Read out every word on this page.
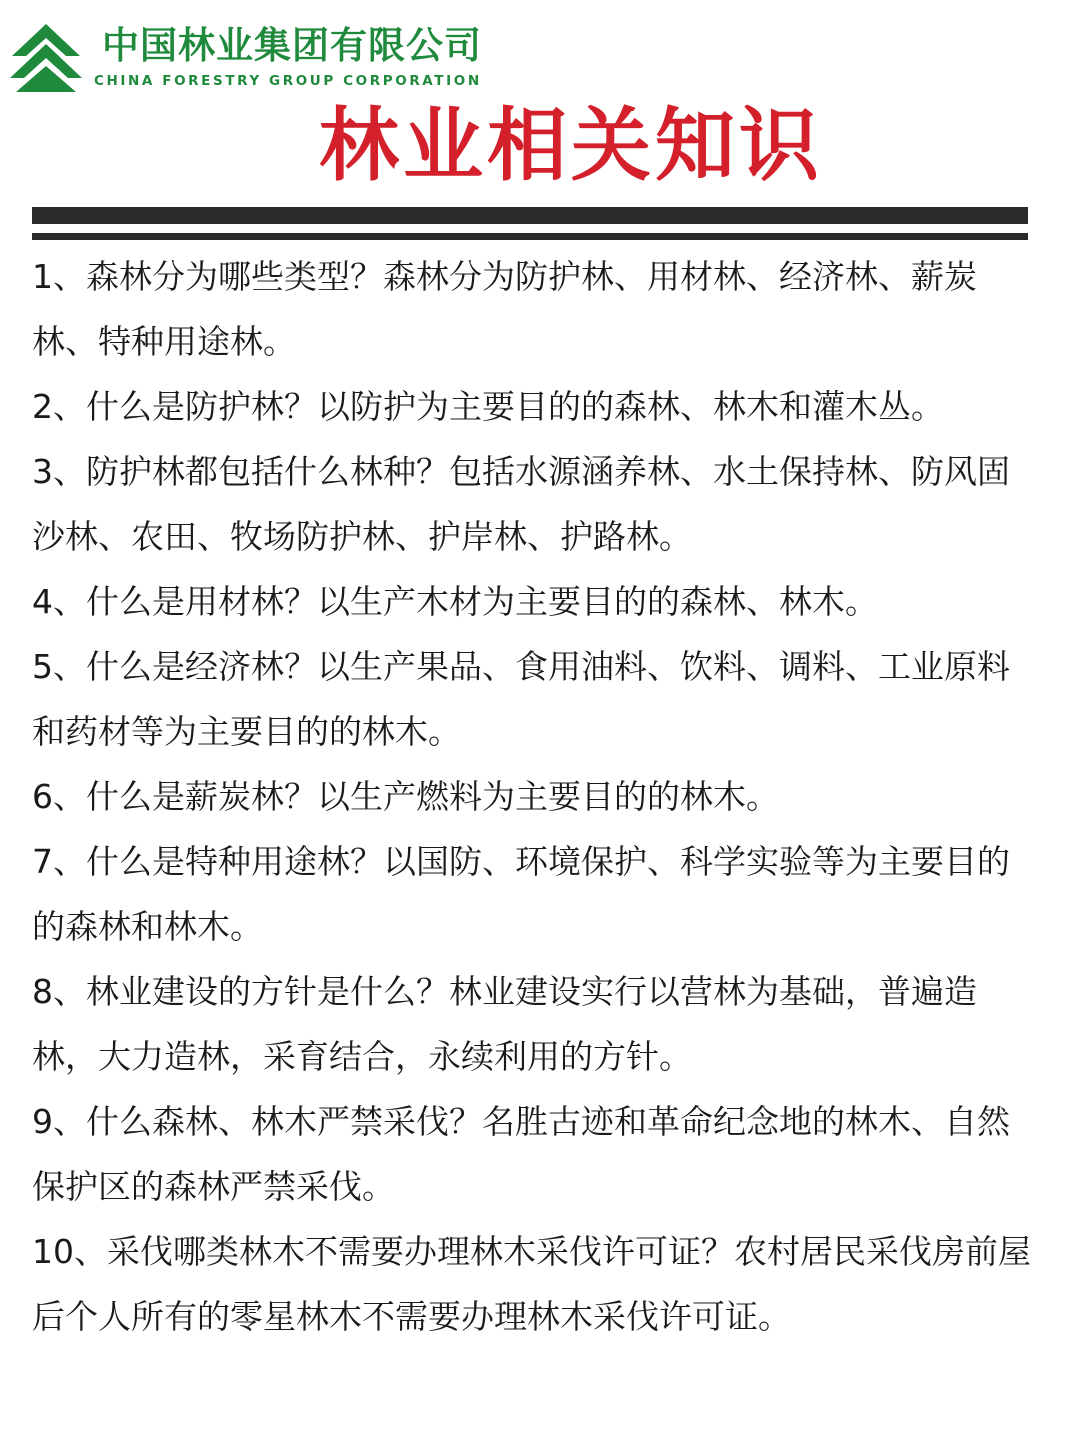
中国林业集团有限公司
CHINA FORESTRY GROUP CORPORATION
林业相关知识
1、森林分为哪些类型？森林分为防护林、用材林、经济林、薪炭林、特种用途林。
2、什么是防护林？以防护为主要目的的森林、林木和灌木丛。
3、防护林都包括什么林种？包括水源涵养林、水土保持林、防风固沙林、农田、牧场防护林、护岸林、护路林。
4、什么是用材林？以生产木材为主要目的的森林、林木。
5、什么是经济林？以生产果品、食用油料、饮料、调料、工业原料和药材等为主要目的的林木。
6、什么是薪炭林？以生产燃料为主要目的的林木。
7、什么是特种用途林？以国防、环境保护、科学实验等为主要目的的森林和林木。
8、林业建设的方针是什么？林业建设实行以营林为基础，普遍造林，大力造林，采育结合，永续利用的方针。
9、什么森林、林木严禁采伐？名胜古迹和革命纪念地的林木、自然保护区的森林严禁采伐。
10、采伐哪类林木不需要办理林木采伐许可证？农村居民采伐房前屋后个人所有的零星林木不需要办理林木采伐许可证。
